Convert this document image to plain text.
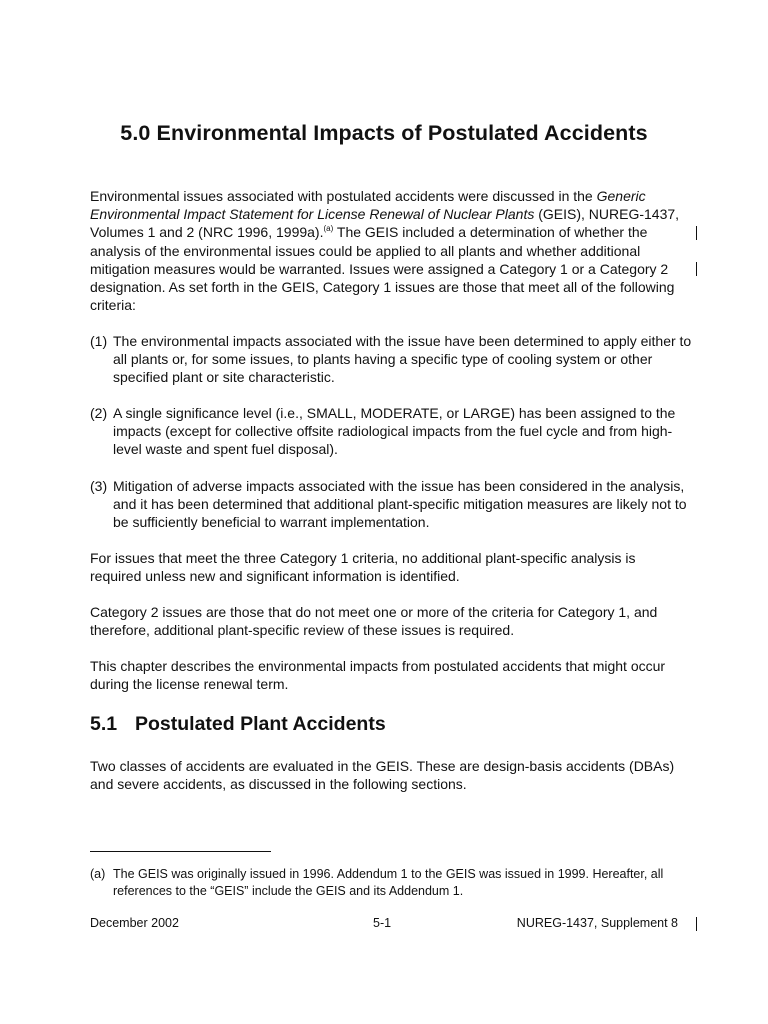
5.0 Environmental Impacts of Postulated Accidents

Environmental issues associated with postulated accidents were discussed in the Generic Environmental Impact Statement for License Renewal of Nuclear Plants (GEIS), NUREG-1437, Volumes 1 and 2 (NRC 1996, 1999a).$^{(a)}$ The GEIS included a determination of whether the analysis of the environmental issues could be applied to all plants and whether additional mitigation measures would be warranted. Issues were assigned a Category 1 or a Category 2 designation. As set forth in the GEIS, Category 1 issues are those that meet all of the following criteria:

(1) The environmental impacts associated with the issue have been determined to apply either to all plants or, for some issues, to plants having a specific type of cooling system or other specified plant or site characteristic.
(2) A single significance level (i.e., SMALL, MODERATE, or LARGE) has been assigned to the impacts (except for collective offsite radiological impacts from the fuel cycle and from high-level waste and spent fuel disposal).
(3) Mitigation of adverse impacts associated with the issue has been considered in the analysis, and it has been determined that additional plant-specific mitigation measures are likely not to be sufficiently beneficial to warrant implementation.

For issues that meet the three Category 1 criteria, no additional plant-specific analysis is required unless new and significant information is identified.

Category 2 issues are those that do not meet one or more of the criteria for Category 1, and therefore, additional plant-specific review of these issues is required.

This chapter describes the environmental impacts from postulated accidents that might occur during the license renewal term.

5.1 Postulated Plant Accidents

Two classes of accidents are evaluated in the GEIS. These are design-basis accidents (DBAs) and severe accidents, as discussed in the following sections.

(a) The GEIS was originally issued in 1996. Addendum 1 to the GEIS was issued in 1999. Hereafter, all references to the “GEIS” include the GEIS and its Addendum 1.
December 2002	5-1	NUREG-1437, Supplement 8
